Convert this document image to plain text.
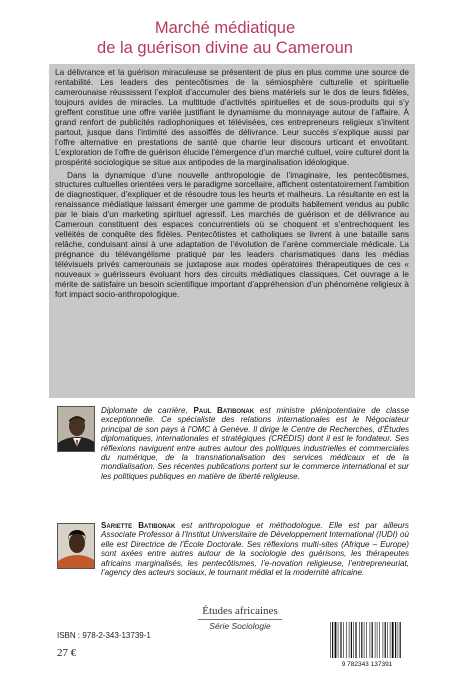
Marché médiatique
de la guérison divine au Cameroun

La délivrance et la guérison miraculeuse se présentent de plus en plus comme une source de rentabilité. Les leaders des pentecôtismes de la sémiosphère culturelle et spirituelle camerounaise réussissent l’exploit d’accumuler des biens matériels sur le dos de leurs fidèles, toujours avides de miracles. La multitude d’activités spirituelles et de sous-produits qui s’y greffent constitue une offre variée justifiant le dynamisme du monnayage autour de l’affaire. À grand renfort de publicités radiophoniques et télévisées, ces entrepreneurs religieux s’invitent partout, jusque dans l’intimité des assoiffés de délivrance. Leur succès s’explique aussi par l’offre alternative en prestations de santé que charrie leur discours urticant et envoûtant. L’exploration de l’offre de guérison élucide l’émergence d’un marché cultuel, voire culturel dont la prospérité sociologique se situe aux antipodes de la marginalisation idéologique.

Dans la dynamique d’une nouvelle anthropologie de l’imaginaire, les pentecôtismes, structures cultuelles orientées vers le paradigme sorcellaire, affichent ostentatoirement l’ambition de diagnostiquer, d’expliquer et de résoudre tous les heurts et malheurs. La résultante en est la renaissance médiatique laissant émerger une gamme de produits habilement vendus au public par le biais d’un marketing spirituel agressif. Les marchés de guérison et de délivrance au Cameroun constituent des espaces concurrentiels où se choquent et s’entrechoquent les velléités de conquête des fidèles. Pentecôtistes et catholiques se livrent à une bataille sans relâche, conduisant ainsi à une adaptation de l’évolution de l’arène commerciale médicale. La prégnance du télévangélisme pratiqué par les leaders charismatiques dans les médias télévisuels privés camerounais se juxtapose aux modes opératoires thérapeutiques de ces « nouveaux » guérisseurs évoluant hors des circuits médiatiques classiques. Cet ouvrage a le mérite de satisfaire un besoin scientifique important d’appréhension d’un phénomène religieux à fort impact socio-anthropologique.

Diplomate de carrière, Paul Batibonak est ministre plénipotentiaire de classe exceptionnelle. Ce spécialiste des relations internationales est le Négociateur principal de son pays à l’OMC à Genève. Il dirige le Centre de Recherches, d’Études diplomatiques, internationales et stratégiques (CRÉDIS) dont il est le fondateur. Ses réflexions naviguent entre autres autour des politiques industrielles et commerciales du numérique, de la transnationalisation des services médicaux et de la mondialisation. Ses récentes publications portent sur le commerce international et sur les politiques publiques en matière de liberté religieuse.
Sariette Batibonak est anthropologue et méthodologue. Elle est par ailleurs Associate Professor à l’Institut Universitaire de Développement International (IUDI) où elle est Directrice de l’École Doctorale. Ses réflexions multi-sites (Afrique – Europe) sont axées entre autres autour de la sociologie des guérisons, les thérapeutes africains marginalisés, les pentecôtismes, l’e-novation religieuse, l’entrepreneuriat, l’agency des acteurs sociaux, le tournant médial et la modernité africaine.
Études africaines
Série Sociologie
ISBN : 978-2-343-13739-1
27 €
9 782343 137391
